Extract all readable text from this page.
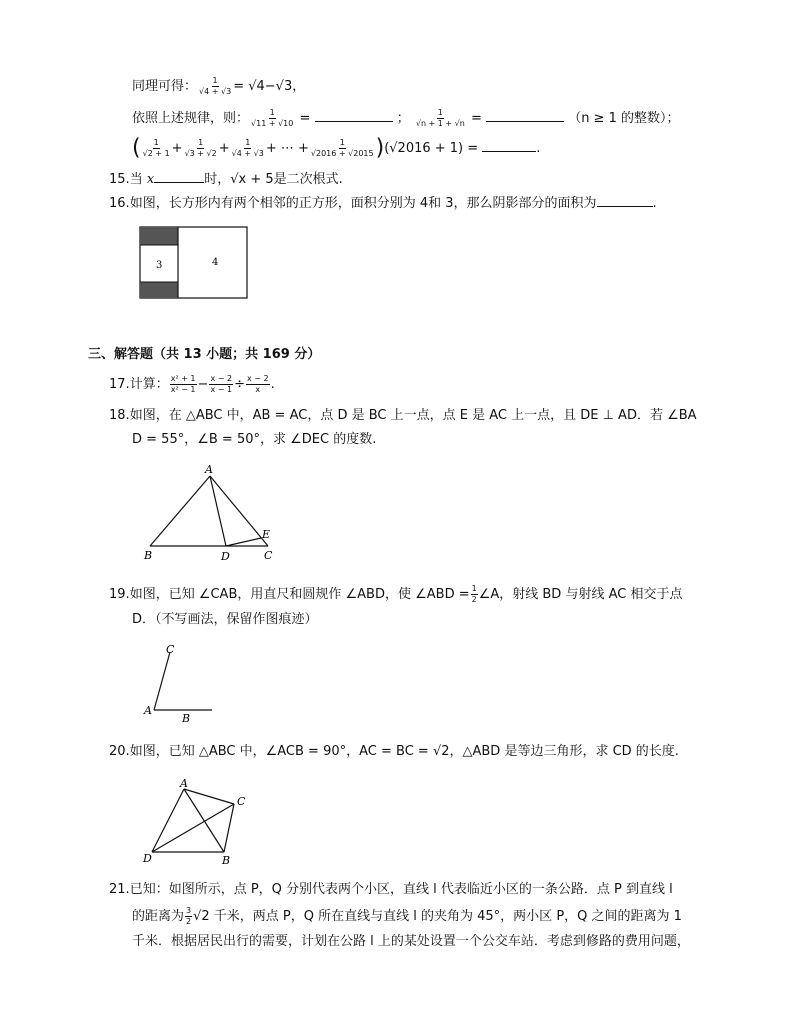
同理可得： $\frac{1}{√4 + √3} = √4-√3$，
依照上述规律，则： $\frac{1}{√11 + √10}$ =	； $\frac{1}{√n + 1 + √n}$ =	（n ≥ 1 的整数）；
( $\frac{1}{√2 + 1} + \frac{1}{√3 + √2} + \frac{1}{√4 + √3}$ + ⋯ + $\frac{1}{√2016 + √2015} )(√2016 + 1)$ =	.
15.当 x	时，√x + 5是二次根式.
16.如图，长方形内有两个相邻的正方形，面积分别为 4和 3，那么阴影部分的面积为	.
3	4
三、解答题（共 13 小题；共 169 分）
17.计算： $\frac{\text{x² + 1}}{\text{x² − 1}} - \frac{x - 2}{x - 1} \div \frac{x - 2}{x}$ .
18.如图，在 △ABC 中，AB = AC，点 D 是 BC 上一点，点 E 是 AC 上一点，且 DE ⊥ AD．若 ∠BA
D = 55°，∠B = 50°，求 ∠DEC 的度数.
A
B	C
D
E
19.如图，已知 ∠CAB，用直尺和圆规作 ∠ABD，使 ∠ABD = $\frac{1}{2}$ ∠A，射线 BD 与射线 AC 相交于点
D．（不写画法，保留作图痕迹）
C
A
B
20.如图，已知 △ABC 中，∠ACB = 90°，AC = BC = √2，△ABD 是等边三角形，求 CD 的长度.
A
C
D	B
21.已知：如图所示，点 P，Q 分别代表两个小区，直线 l 代表临近小区的一条公路．点 P 到直线 l
的距离为 $\frac{3}{2} √2$ 千米，两点 P，Q 所在直线与直线 l 的夹角为 45°，两小区 P，Q 之间的距离为 1
千米．根据居民出行的需要，计划在公路 l 上的某处设置一个公交车站．考虑到修路的费用问题，
